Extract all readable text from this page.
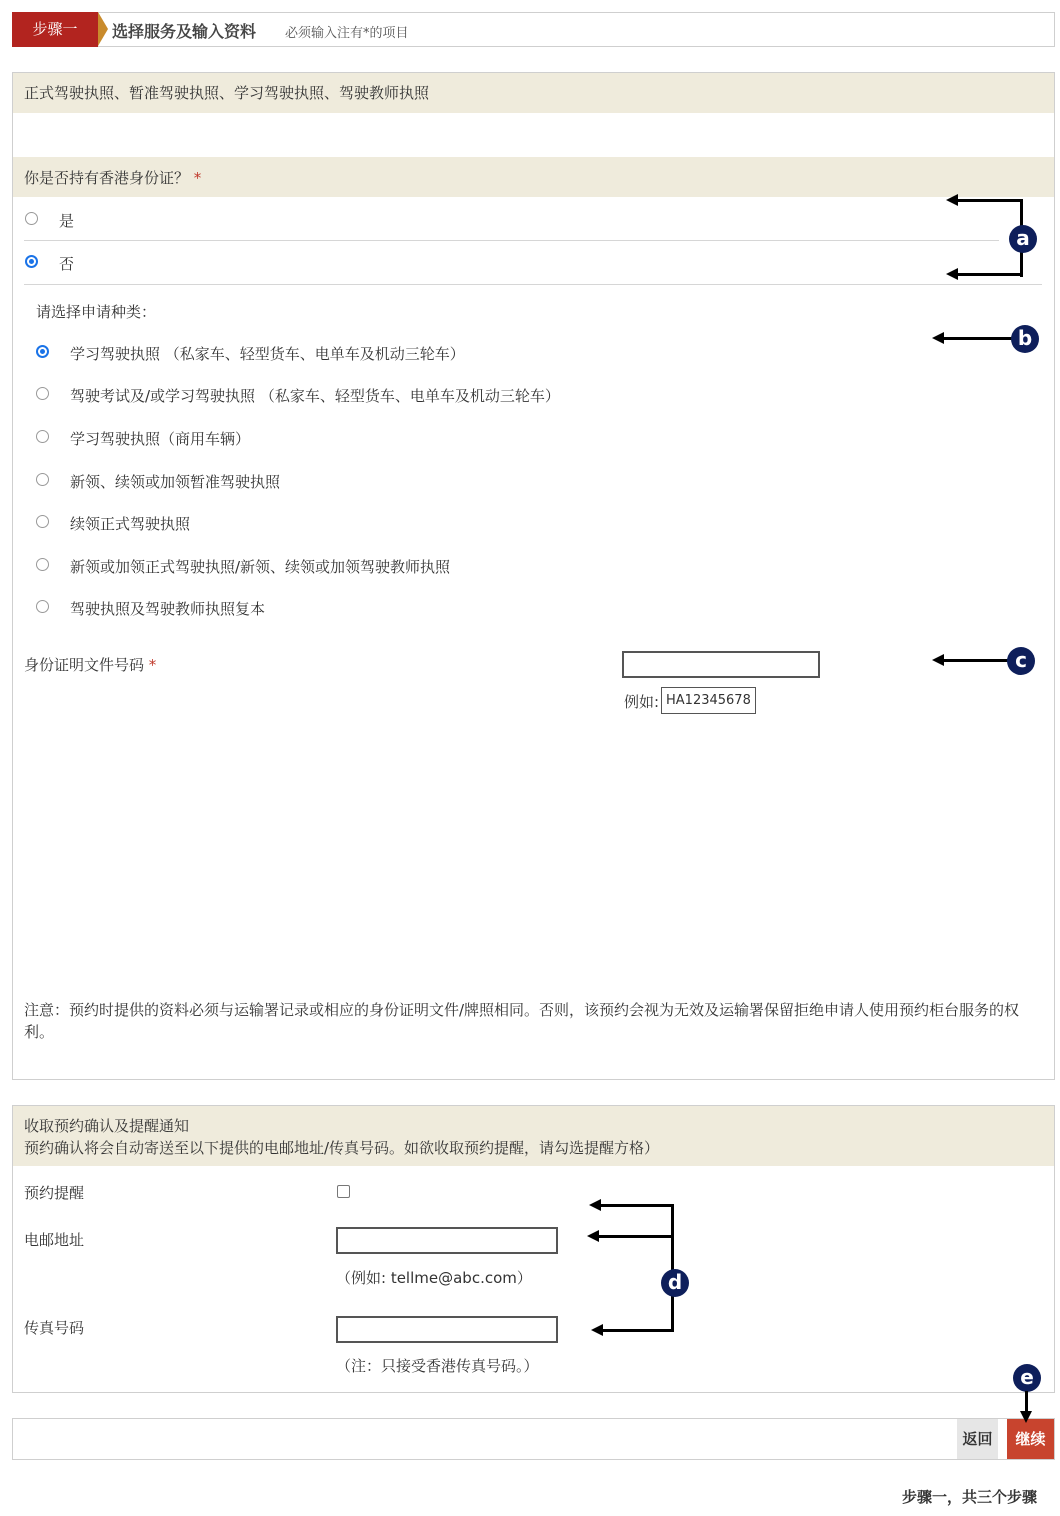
步骤一	选择服务及输入资料 必须输入注有*的项目
正式驾驶执照、暂准驾驶执照、学习驾驶执照、驾驶教师执照
你是否持有香港身份证？ *
是
否
请选择申请种类：
学习驾驶执照 （私家车、轻型货车、电单车及机动三轮车）
驾驶考试及/或学习驾驶执照 （私家车、轻型货车、电单车及机动三轮车）
学习驾驶执照（商用车辆）
新领、续领或加领暂准驾驶执照
续领正式驾驶执照
新领或加领正式驾驶执照/新领、续领或加领驾驶教师执照
驾驶执照及驾驶教师执照复本
身份证明文件号码 *
例如: HA12345678
注意：预约时提供的资料必须与运输署记录或相应的身份证明文件/牌照相同。否则，该预约会视为无效及运输署保留拒绝申请人使用预约柜台服务的权利。
收取预约确认及提醒通知
预约确认将会自动寄送至以下提供的电邮地址/传真号码。如欲收取预约提醒，请勾选提醒方格）
预约提醒
电邮地址
（例如: tellme@abc.com）
传真号码
（注：只接受香港传真号码。）
返回	继续
步骤一，共三个步骤
a
b
c
d
e
